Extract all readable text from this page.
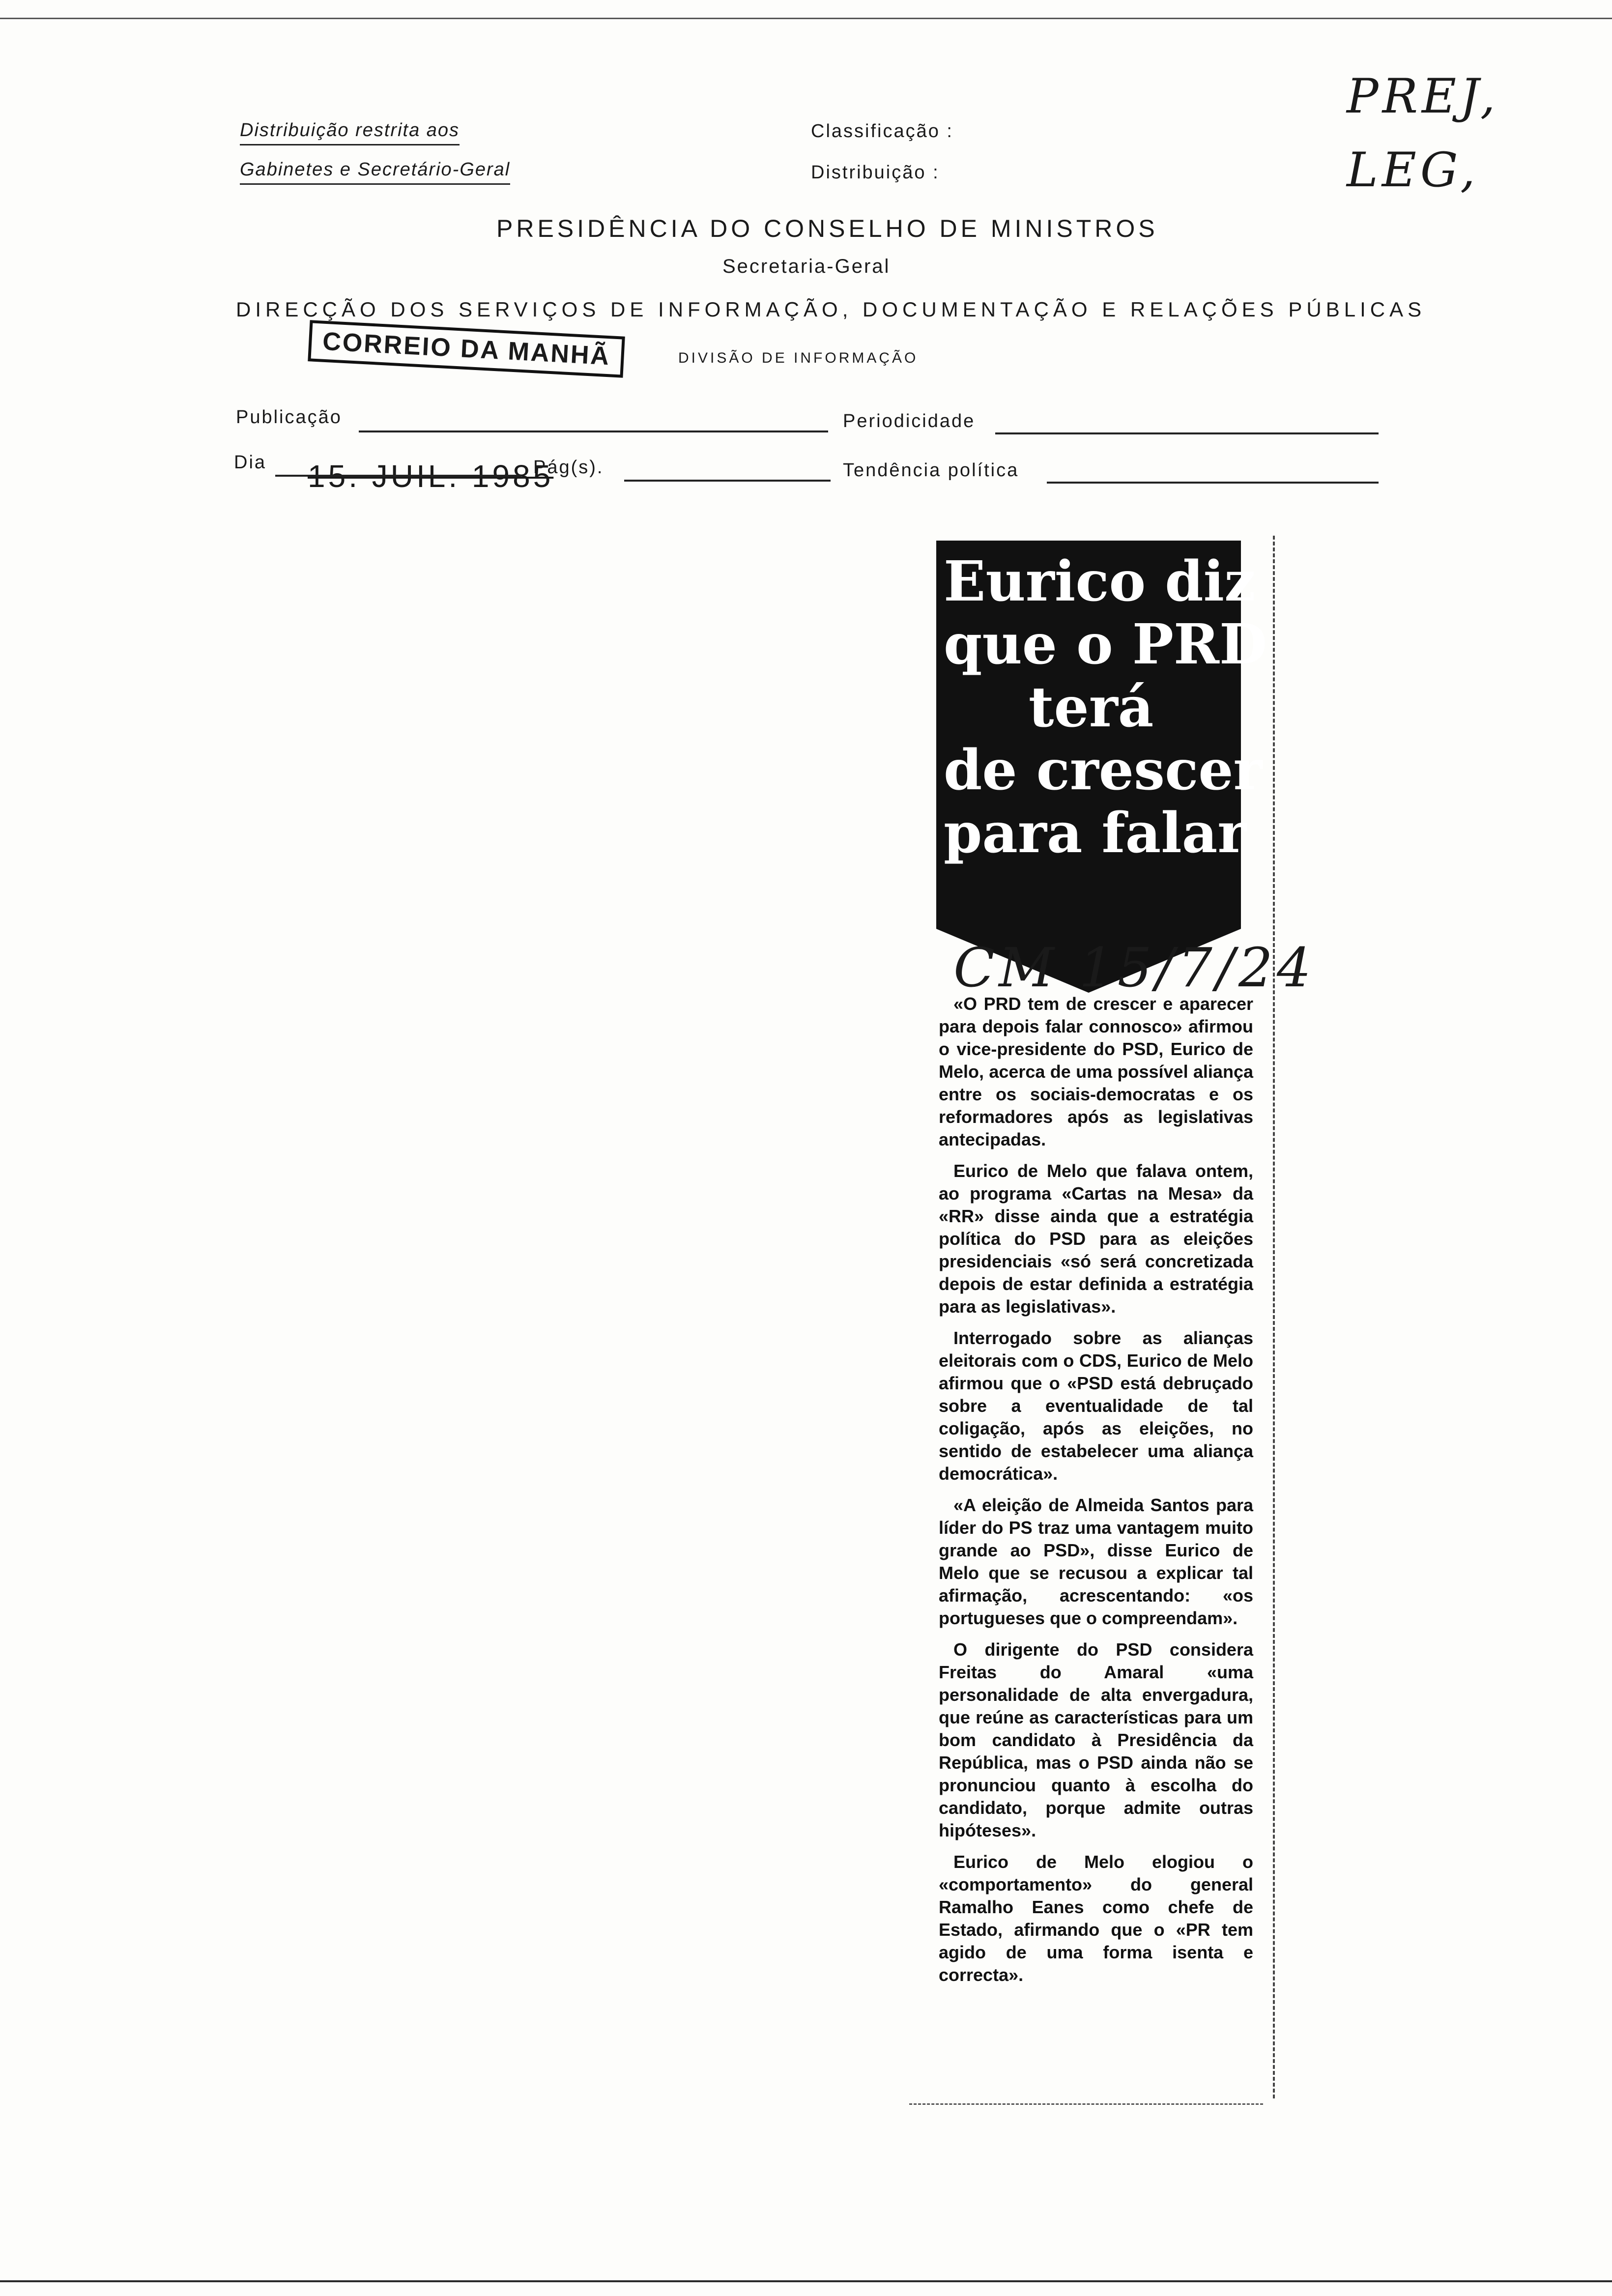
Distribuição restrita aos
Gabinetes e Secretário-Geral
Classificação :
Distribuição :
PREJ,
LEG,
PRESIDÊNCIA DO CONSELHO DE MINISTROS
Secretaria-Geral
DIRECÇÃO DOS SERVIÇOS DE INFORMAÇÃO, DOCUMENTAÇÃO E RELAÇÕES PÚBLICAS
CORREIO DA MANHÃ	DIVISÃO DE INFORMAÇÃO
Publicação	Periodicidade
Dia 15. JUIL. 1985
Pág(s).	Tendência política
Eurico diz
que o PRD
terá
de crescer
para falar
CM 15/7/24

«O PRD tem de crescer e aparecer para depois falar connosco» afirmou o vice-presidente do PSD, Eurico de Melo, acerca de uma possível aliança entre os sociais-democratas e os reformadores após as legislativas antecipadas.

Eurico de Melo que falava ontem, ao programa «Cartas na Mesa» da «RR» disse ainda que a estratégia política do PSD para as eleições presidenciais «só será concretizada depois de estar definida a estratégia para as legislativas».

Interrogado sobre as alianças eleitorais com o CDS, Eurico de Melo afirmou que o «PSD está debruçado sobre a eventualidade de tal coligação, após as eleições, no sentido de estabelecer uma aliança democrática».

«A eleição de Almeida Santos para líder do PS traz uma vantagem muito grande ao PSD», disse Eurico de Melo que se recusou a explicar tal afirmação, acrescentando: «os portugueses que o compreendam».

O dirigente do PSD considera Freitas do Amaral «uma personalidade de alta envergadura, que reúne as características para um bom candidato à Presidência da República, mas o PSD ainda não se pronunciou quanto à escolha do candidato, porque admite outras hipóteses».

Eurico de Melo elogiou o «comportamento» do general Ramalho Eanes como chefe de Estado, afirmando que o «PR tem agido de uma forma isenta e correcta».
